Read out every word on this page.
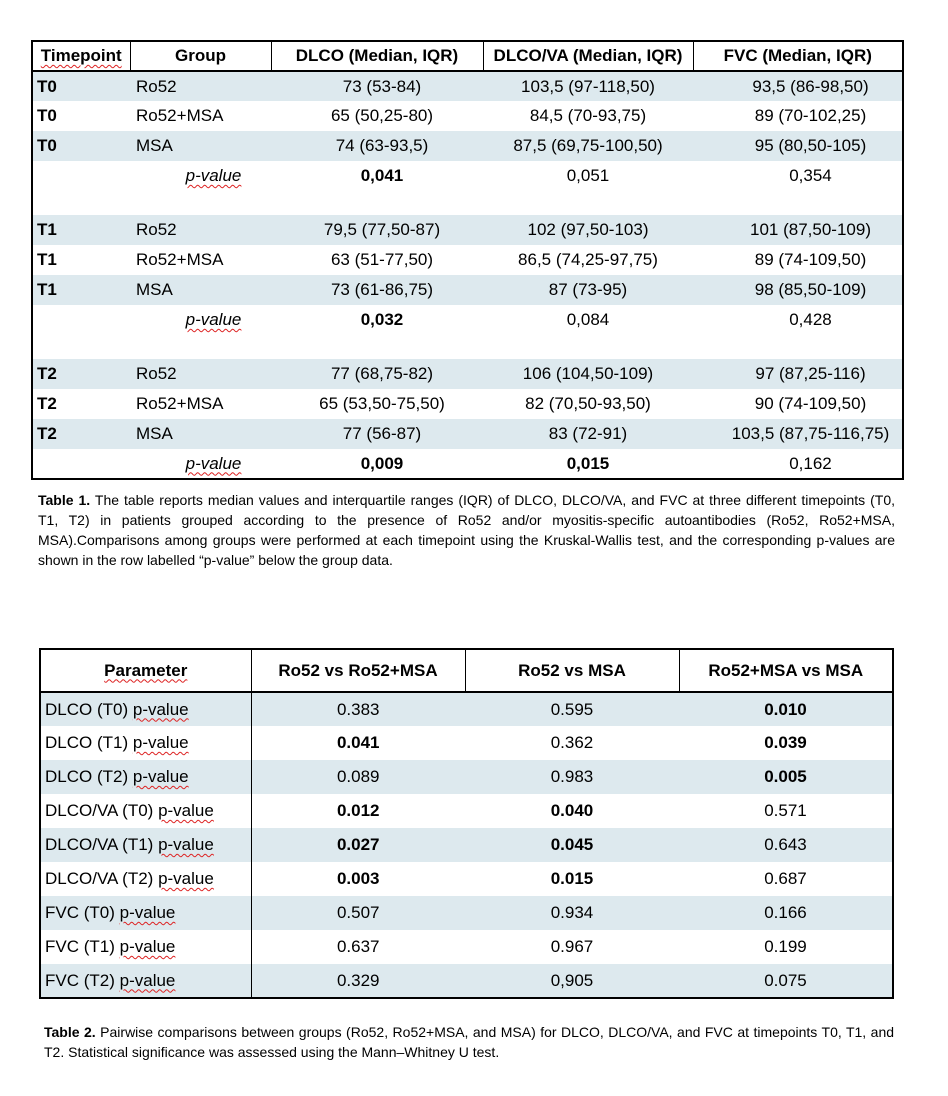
Timepoint	Group	DLCO (Median, IQR)	DLCO/VA (Median, IQR)	FVC (Median, IQR)
T0	Ro52	73 (53-84)	103,5 (97-118,50)	93,5 (86-98,50)
T0	Ro52+MSA	65 (50,25-80)	84,5 (70-93,75)	89 (70-102,25)
T0	MSA	74 (63-93,5)	87,5 (69,75-100,50)	95 (80,50-105)
	p-value	0,041	0,051	0,354

T1	Ro52	79,5 (77,50-87)	102 (97,50-103)	101 (87,50-109)
T1	Ro52+MSA	63 (51-77,50)	86,5 (74,25-97,75)	89 (74-109,50)
T1	MSA	73 (61-86,75)	87 (73-95)	98 (85,50-109)
	p-value	0,032	0,084	0,428

T2	Ro52	77 (68,75-82)	106 (104,50-109)	97 (87,25-116)
T2	Ro52+MSA	65 (53,50-75,50)	82 (70,50-93,50)	90 (74-109,50)
T2	MSA	77 (56-87)	83 (72-91)	103,5 (87,75-116,75)
	p-value	0,009	0,015	0,162
Table 1. The table reports median values and interquartile ranges (IQR) of DLCO, DLCO/VA, and FVC at three different timepoints (T0, T1, T2) in patients grouped according to the presence of Ro52 and/or myositis-specific autoantibodies (Ro52, Ro52+MSA, MSA).Comparisons among groups were performed at each timepoint using the Kruskal-Wallis test, and the corresponding p-values are shown in the row labelled “p-value” below the group data.
Parameter	Ro52 vs Ro52+MSA	Ro52 vs MSA	Ro52+MSA vs MSA
DLCO (T0) p-value	0.383	0.595	0.010
DLCO (T1) p-value	0.041	0.362	0.039
DLCO (T2) p-value	0.089	0.983	0.005
DLCO/VA (T0) p-value	0.012	0.040	0.571
DLCO/VA (T1) p-value	0.027	0.045	0.643
DLCO/VA (T2) p-value	0.003	0.015	0.687
FVC (T0) p-value	0.507	0.934	0.166
FVC (T1) p-value	0.637	0.967	0.199
FVC (T2) p-value	0.329	0,905	0.075
Table 2. Pairwise comparisons between groups (Ro52, Ro52+MSA, and MSA) for DLCO, DLCO/VA, and FVC at timepoints T0, T1, and T2. Statistical significance was assessed using the Mann–Whitney U test.
